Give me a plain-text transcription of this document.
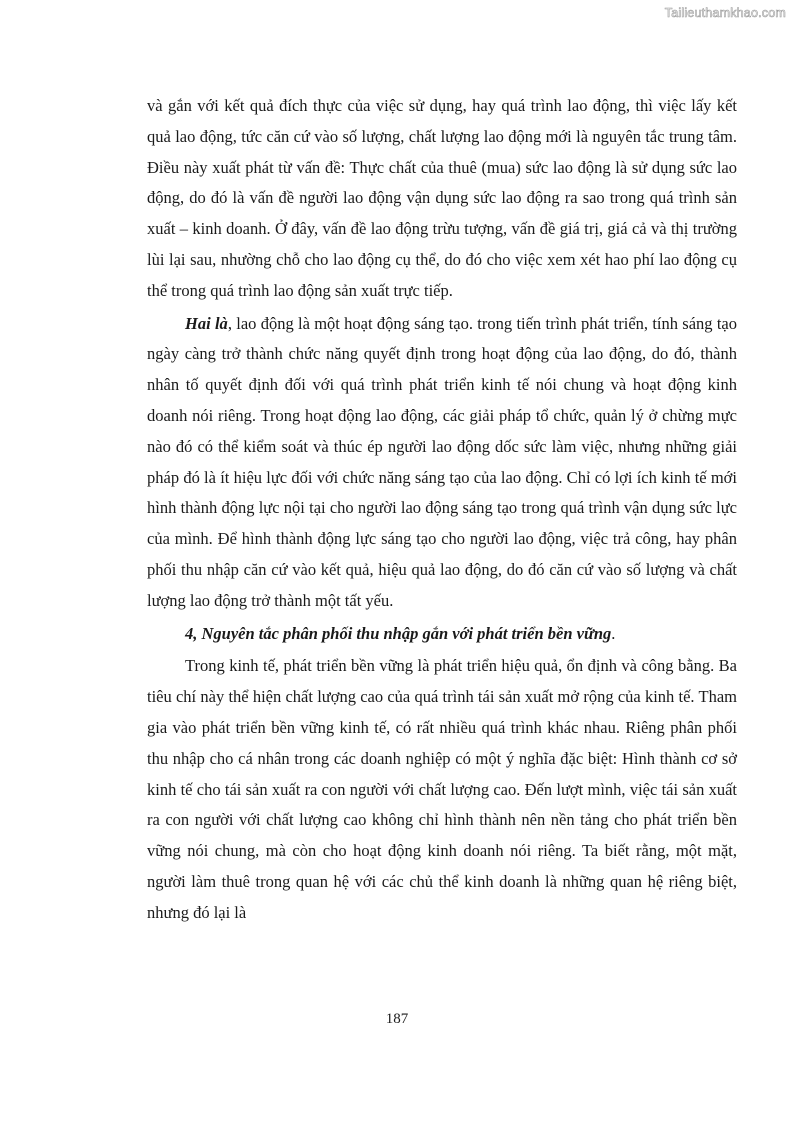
Tailieuthamkhao.com

và gắn với kết quả đích thực của việc sử dụng, hay quá trình lao động, thì việc lấy kết quả lao động, tức căn cứ vào số lượng, chất lượng lao động mới là nguyên tắc trung tâm. Điều này xuất phát từ vấn đề: Thực chất của thuê (mua) sức lao động là sử dụng sức lao động, do đó là vấn đề người lao động vận dụng sức lao động ra sao trong quá trình sản xuất – kinh doanh. Ở đây, vấn đề lao động trừu tượng, vấn đề giá trị, giá cả và thị trường lùi lại sau, nhường chỗ cho lao động cụ thể, do đó cho việc xem xét hao phí lao động cụ thể trong quá trình lao động sản xuất trực tiếp.

Hai là, lao động là một hoạt động sáng tạo. trong tiến trình phát triển, tính sáng tạo ngày càng trở thành chức năng quyết định trong hoạt động của lao động, do đó, thành nhân tố quyết định đối với quá trình phát triển kinh tế nói chung và hoạt động kinh doanh nói riêng. Trong hoạt động lao động, các giải pháp tổ chức, quản lý ở chừng mực nào đó có thể kiểm soát và thúc ép người lao động dốc sức làm việc, nhưng những giải pháp đó là ít hiệu lực đối với chức năng sáng tạo của lao động. Chỉ có lợi ích kinh tế mới hình thành động lực nội tại cho người lao động sáng tạo trong quá trình vận dụng sức lực của mình. Để hình thành động lực sáng tạo cho người lao động, việc trả công, hay phân phối thu nhập căn cứ vào kết quả, hiệu quả lao động, do đó căn cứ vào số lượng và chất lượng lao động trở thành một tất yếu.

4, Nguyên tắc phân phối thu nhập gắn với phát triển bền vững.

Trong kinh tế, phát triển bền vững là phát triển hiệu quả, ổn định và công bằng. Ba tiêu chí này thể hiện chất lượng cao của quá trình tái sản xuất mở rộng của kinh tế. Tham gia vào phát triển bền vững kinh tế, có rất nhiều quá trình khác nhau. Riêng phân phối thu nhập cho cá nhân trong các doanh nghiệp có một ý nghĩa đặc biệt: Hình thành cơ sở kinh tế cho tái sản xuất ra con người với chất lượng cao. Đến lượt mình, việc tái sản xuất ra con người với chất lượng cao không chỉ hình thành nên nền tảng cho phát triển bền vững nói chung, mà còn cho hoạt động kinh doanh nói riêng. Ta biết rằng, một mặt, người làm thuê trong quan hệ với các chủ thể kinh doanh là những quan hệ riêng biệt, nhưng đó lại là

187
